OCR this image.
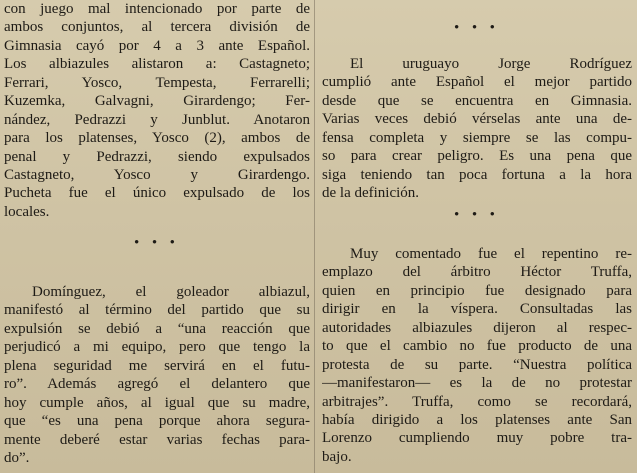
con juego mal intencionado por parte de
ambos conjuntos, al tercera división de
Gimnasia cayó por 4 a 3 ante Español.
Los albiazules alistaron a: Castagneto;
Ferrari, Yosco, Tempesta, Ferrarelli;
Kuzemka, Galvagni, Girardengo; Fer-
nández, Pedrazzi y Junblut. Anotaron
para los platenses, Yosco (2), ambos de
penal y Pedrazzi, siendo expulsados
Castagneto, Yosco y Girardengo.
Pucheta fue el único expulsado de los
locales.
• • •
Domínguez, el goleador albiazul,
manifestó al término del partido que su
expulsión se debió a “una reacción que
perjudicó a mi equipo, pero que tengo la
plena seguridad me servirá en el futu-
ro”. Además agregó el delantero que
hoy cumple años, al igual que su madre,
que “es una pena porque ahora segura-
mente deberé estar varias fechas para-
do”.
• • •
El uruguayo Jorge Rodríguez
cumplió ante Español el mejor partido
desde que se encuentra en Gimnasia.
Varias veces debió vérselas ante una de-
fensa completa y siempre se las compu-
so para crear peligro. Es una pena que
siga teniendo tan poca fortuna a la hora
de la definición.
• • •
Muy comentado fue el repentino re-
emplazo del árbitro Héctor Truffa,
quien en principio fue designado para
dirigir en la víspera. Consultadas las
autoridades albiazules dijeron al respec-
to que el cambio no fue producto de una
protesta de su parte. “Nuestra política
—manifestaron— es la de no protestar
arbitrajes”. Truffa, como se recordará,
había dirigido a los platenses ante San
Lorenzo cumpliendo muy pobre tra-
bajo.
